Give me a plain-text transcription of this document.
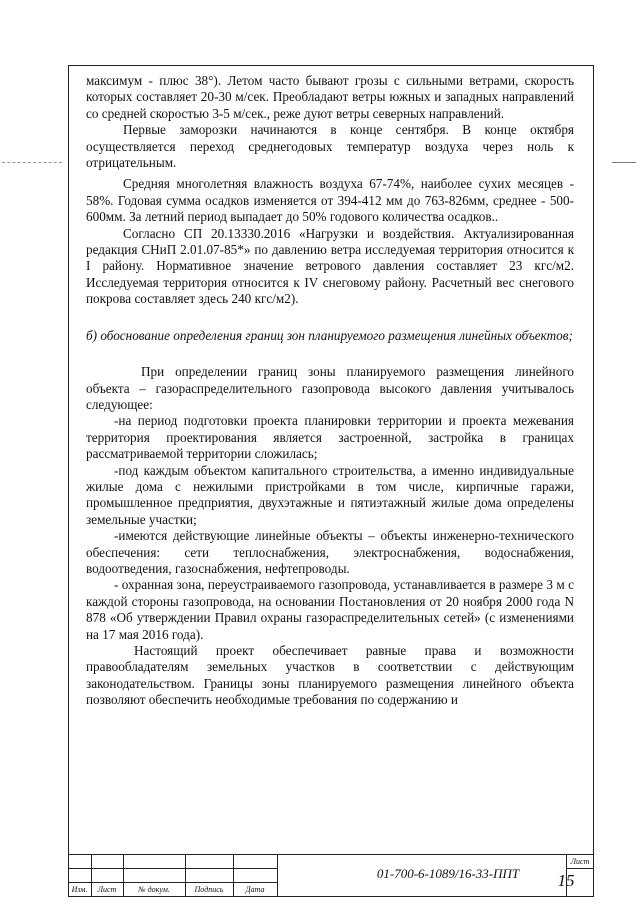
максимум - плюс 38°). Летом часто бывают грозы с сильными ветрами, скорость которых составляет 20-30 м/сек. Преобладают ветры южных и западных направлений со средней скоростью 3-5 м/сек., реже дуют ветры северных направлений.

Первые заморозки начинаются в конце сентября. В конце октября осуществляется переход среднегодовых температур воздуха через ноль к отрицательным.

Средняя многолетняя влажность воздуха 67-74%, наиболее сухих месяцев - 58%. Годовая сумма осадков изменяется от 394-412 мм до 763-826мм, среднее - 500-600мм. За летний период выпадает до 50% годового количества осадков..

Согласно СП 20.13330.2016 «Нагрузки и воздействия. Актуализированная редакция СНиП 2.01.07-85*» по давлению ветра исследуемая территория относится к I району. Нормативное значение ветрового давления составляет 23 кгс/м2. Исследуемая территория относится к IV снеговому району. Расчетный вес снегового покрова составляет здесь 240 кгс/м2).

б) обоснование определения границ зон планируемого размещения линейных объектов;

При определении границ зоны планируемого размещения линейного объекта – газораспределительного газопровода высокого давления учитывалось следующее:

-на период подготовки проекта планировки территории и проекта межевания территория проектирования является застроенной, застройка в границах рассматриваемой территории сложилась;

-под каждым объектом капитального строительства, а именно индивидуальные жилые дома с нежилыми пристройками в том числе, кирпичные гаражи, промышленное предприятия, двухэтажные и пятиэтажный жилые дома определены земельные участки;

-имеются действующие линейные объекты – объекты инженерно-технического обеспечения: сети теплоснабжения, электроснабжения, водоснабжения, водоотведения, газоснабжения, нефтепроводы.

- охранная зона, переустраиваемого газопровода, устанавливается в размере 3 м с каждой стороны газопровода, на основании Постановления от 20 ноября 2000 года N 878 «Об утверждении Правил охраны газораспределительных сетей» (с изменениями на 17 мая 2016 года).

Настоящий проект обеспечивает равные права и возможности правообладателям земельных участков в соответствии с действующим законодательством. Границы зоны планируемого размещения линейного объекта позволяют обеспечить необходимые требования по содержанию и

Изм.	Лист	№ докум.	Подпись	Дата
Лист
01-700-6-1089/16-33-ППТ	15
